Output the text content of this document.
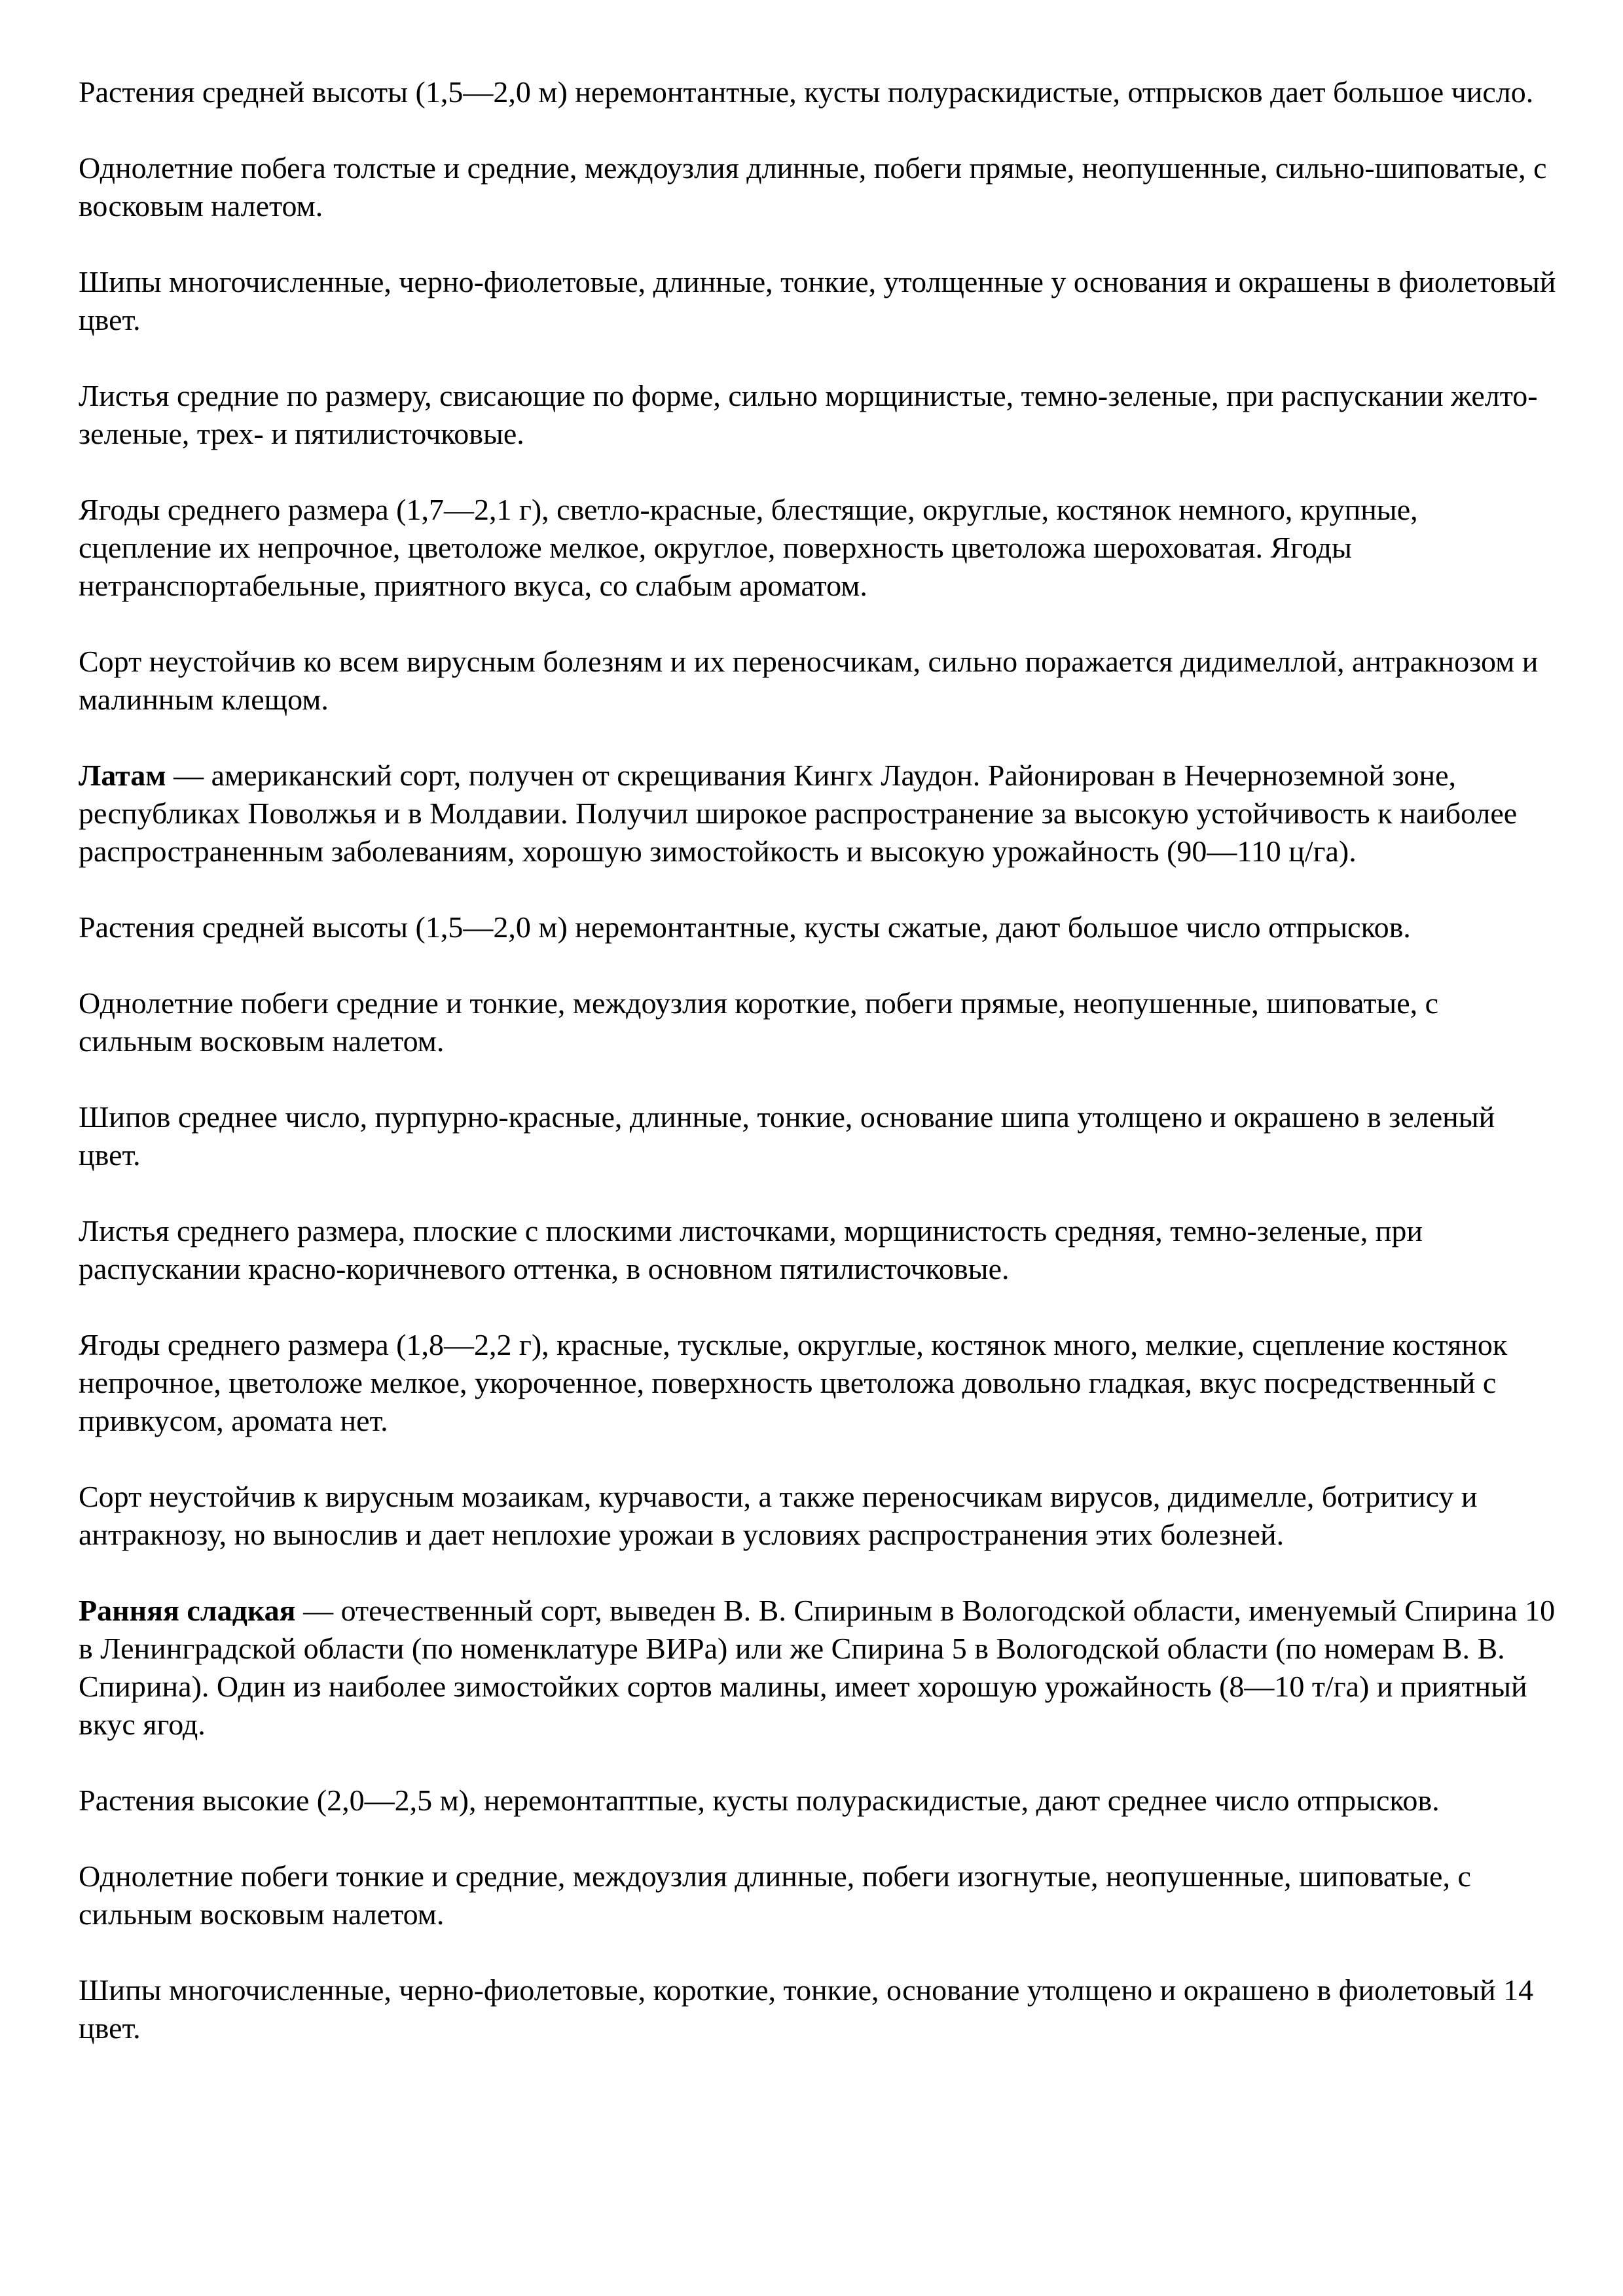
Растения средней высоты (1,5—2,0 м) неремонтантные, кусты полураскидистые, отпрысков дает большое число.

Однолетние побега толстые и средние, междоузлия длинные, побеги прямые, неопушенные, сильно-шиповатые, с восковым налетом.

Шипы многочисленные, черно-фиолетовые, длинные, тонкие, утолщенные у основания и окрашены в фиолетовый цвет.

Листья средние по размеру, свисающие по форме, сильно морщинистые, темно-зеленые, при распускании желто-зеленые, трех- и пятилисточковые.

Ягоды среднего размера (1,7—2,1 г), светло-красные, блестящие, округлые, костянок немного, крупные, сцепление их непрочное, цветоложе мелкое, округлое, поверхность цветоложа шероховатая. Ягоды нетранспортабельные, приятного вкуса, со слабым ароматом.

Сорт неустойчив ко всем вирусным болезням и их переносчикам, сильно поражается дидимеллой, антракнозом и малинным клещом.

Латам — американский сорт, получен от скрещивания Кингх Лаудон. Районирован в Нечерноземной зоне, республиках Поволжья и в Молдавии. Получил широкое распространение за высокую устойчивость к наиболее распространенным заболеваниям, хорошую зимостойкость и высокую урожайность (90—110 ц/га).

Растения средней высоты (1,5—2,0 м) неремонтантные, кусты сжатые, дают большое число отпрысков.

Однолетние побеги средние и тонкие, междоузлия короткие, побеги прямые, неопушенные, шиповатые, с сильным восковым налетом.

Шипов среднее число, пурпурно-красные, длинные, тонкие, основание шипа утолщено и окрашено в зеленый цвет.

Листья среднего размера, плоские с плоскими листочками, морщинистость средняя, темно-зеленые, при распускании красно-коричневого оттенка, в основном пятилисточковые.

Ягоды среднего размера (1,8—2,2 г), красные, тусклые, округлые, костянок много, мелкие, сцепление костянок непрочное, цветоложе мелкое, укороченное, поверхность цветоложа довольно гладкая, вкус посредственный с привкусом, аромата нет.

Сорт неустойчив к вирусным мозаикам, курчавости, а также переносчикам вирусов, дидимелле, ботритису и антракнозу, но вынослив и дает неплохие урожаи в условиях распространения этих болезней.

Ранняя сладкая — отечественный сорт, выведен В. В. Спириным в Вологодской области, именуемый Спирина 10 в Ленинградской области (по номенклатуре ВИРа) или же Спирина 5 в Вологодской области (по номерам В. В. Спирина). Один из наиболее зимостойких сортов малины, имеет хорошую урожайность (8—10 т/га) и приятный вкус ягод.

Растения высокие (2,0—2,5 м), неремонтаптпые, кусты полураскидистые, дают среднее число отпрысков.

Однолетние побеги тонкие и средние, междоузлия длинные, побеги изогнутые, неопушенные, шиповатые, с сильным восковым налетом.

Шипы многочисленные, черно-фиолетовые, короткие, тонкие, основание утолщено и окрашено в фиолетовый 14 цвет.
